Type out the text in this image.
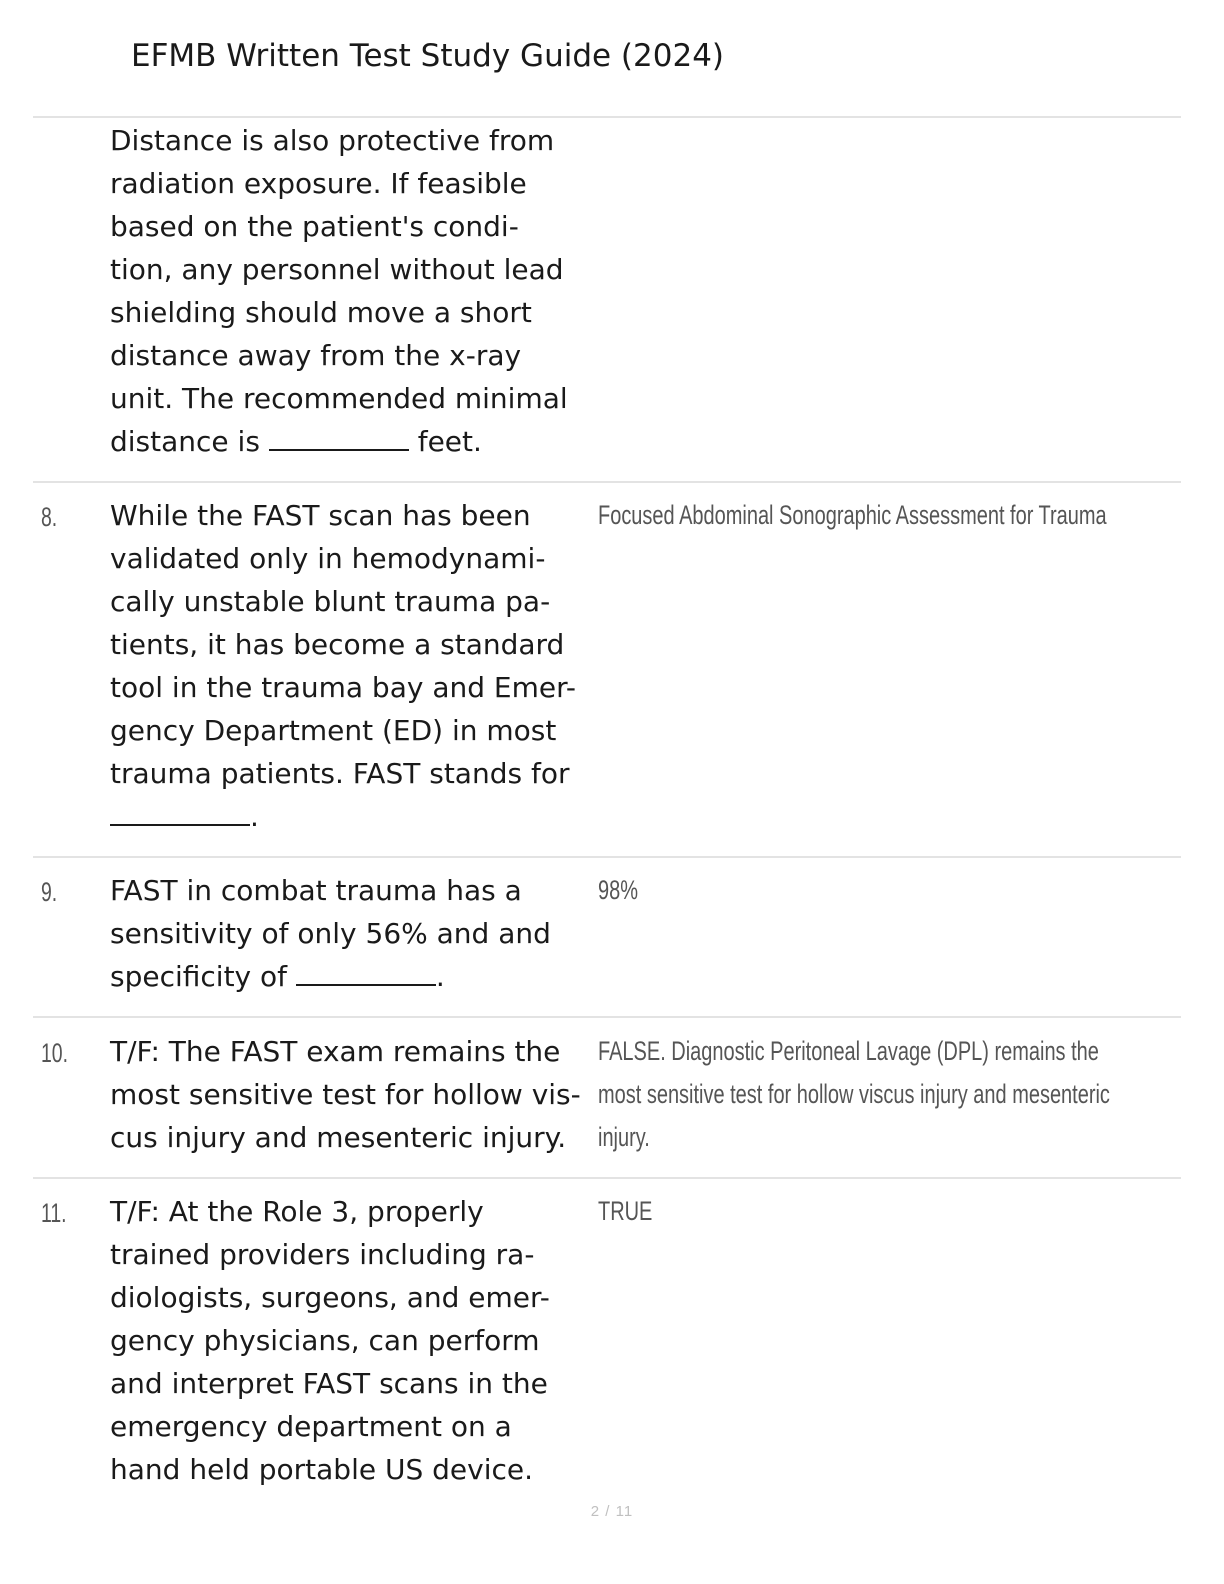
EFMB Written Test Study Guide (2024)
Distance is also protective from
radiation exposure. If feasible
based on the patient's condi-
tion, any personnel without lead
shielding should move a short
distance away from the x-ray
unit. The recommended minimal
distance is	feet.
8. While the FAST scan has been
validated only in hemodynami-
cally unstable blunt trauma pa-
tients, it has become a standard
tool in the trauma bay and Emer-
gency Department (ED) in most
trauma patients. FAST stands for
.
Focused Abdominal Sonographic Assessment for Trauma
9. FAST in combat trauma has a
sensitivity of only 56% and and
specificity of	.
98%
10. T/F: The FAST exam remains the
most sensitive test for hollow vis-
cus injury and mesenteric injury.
FALSE. Diagnostic Peritoneal Lavage (DPL) remains the
most sensitive test for hollow viscus injury and mesenteric
injury.
11. T/F: At the Role 3, properly
trained providers including ra-
diologists, surgeons, and emer-
gency physicians, can perform
and interpret FAST scans in the
emergency department on a
hand held portable US device.
TRUE
2 / 11
